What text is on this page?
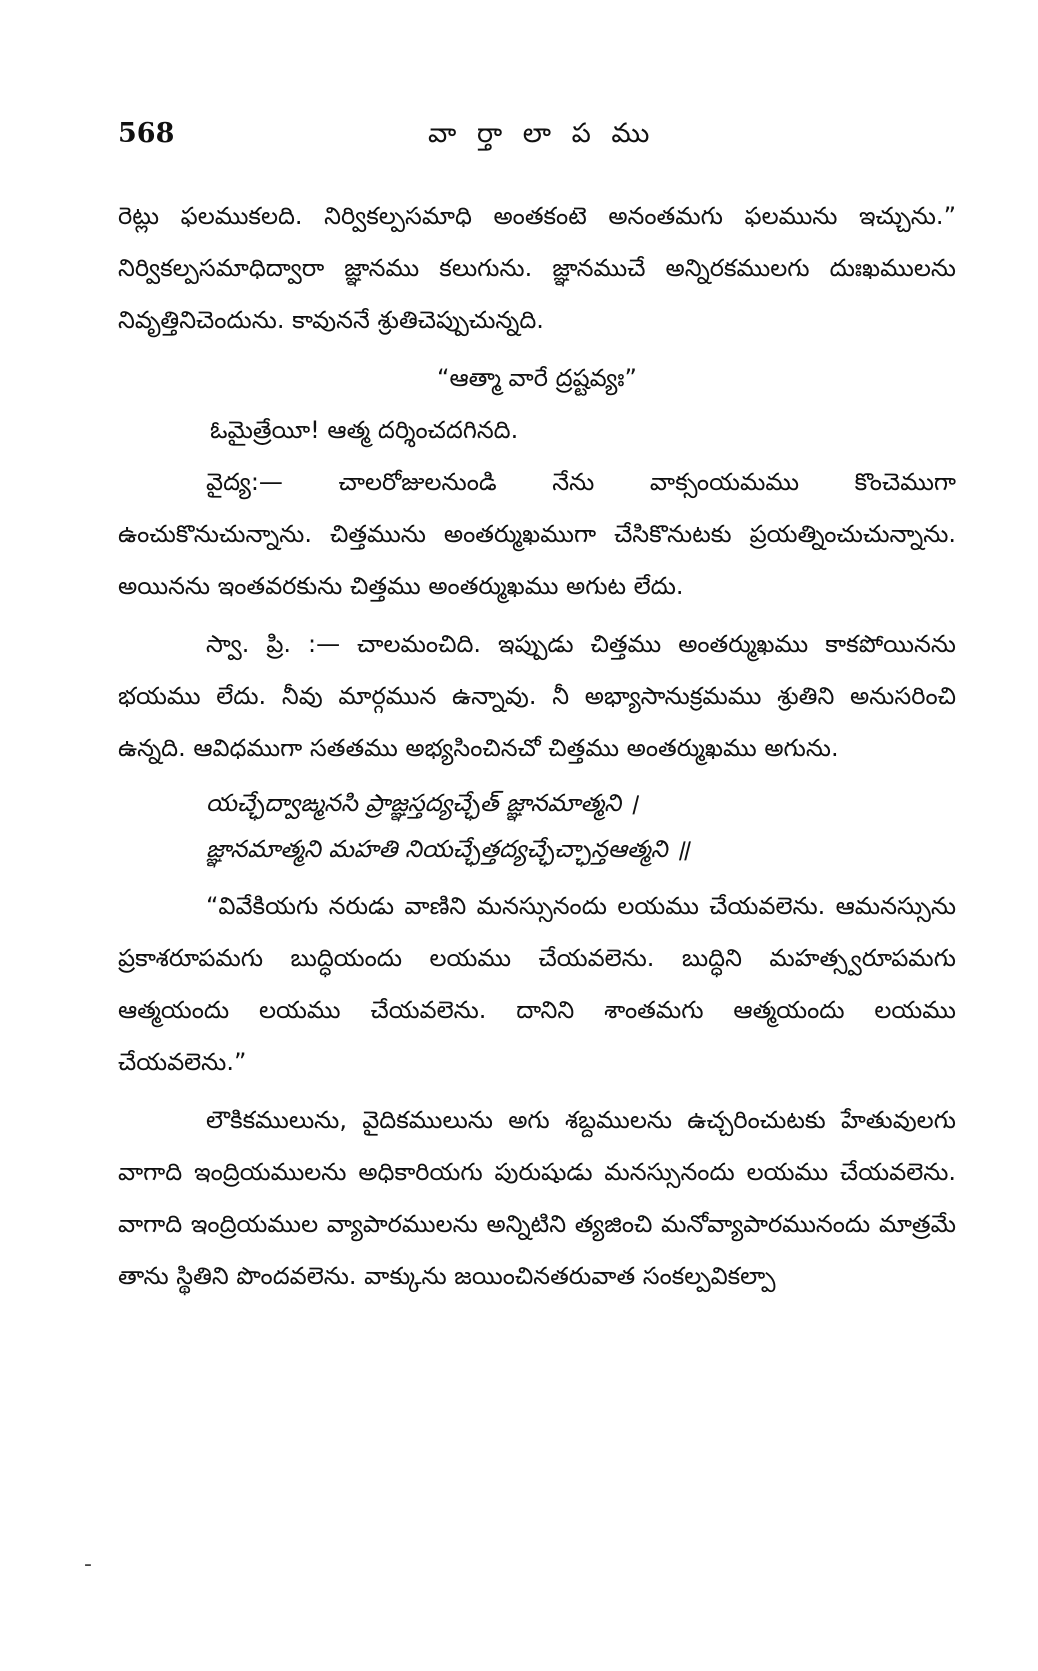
568	వా ర్తా లా ప ము

రెట్లు ఫలముకలది. నిర్వికల్పసమాధి అంతకంటె అనంతమగు ఫలమును ఇచ్చును.” నిర్వికల్పసమాధిద్వారా జ్ఞానము కలుగును. జ్ఞానముచే అన్నిరకములగు దుఃఖములను నివృత్తినిచెందును. కావుననే శ్రుతిచెప్పుచున్నది.

“ఆత్మా వారే ద్రష్టవ్యః”

ఓమైత్రేయీ! ఆత్మ దర్శించదగినది.

వైద్య:— చాలరోజులనుండి నేను వాక్సంయమము కొంచెముగా ఉంచుకొనుచున్నాను. చిత్తమును అంతర్ముఖముగా చేసికొనుటకు ప్రయత్నించుచున్నాను. అయినను ఇంతవరకును చిత్తము అంతర్ముఖము అగుట లేదు.

స్వా. ప్రి. :— చాలమంచిది. ఇప్పుడు చిత్తము అంతర్ముఖము కాకపోయినను భయము లేదు. నీవు మార్గమున ఉన్నావు. నీ అభ్యాసానుక్రమము శ్రుతిని అనుసరించి ఉన్నది. ఆవిధముగా సతతము అభ్యసించినచో చిత్తము అంతర్ముఖము అగును.

యచ్ఛేద్వాఙ్మనసి ప్రాజ్ఞస్తద్యచ్ఛేత్ జ్ఞానమాత్మని ।
జ్ఞానమాత్మని మహతి నియచ్ఛేత్తద్యచ్ఛేచ్ఛాన్తఆత్మని ॥

“వివేకియగు నరుడు వాణిని మనస్సునందు లయము చేయవలెను. ఆమనస్సును ప్రకాశరూపమగు బుద్ధియందు లయము చేయవలెను. బుద్ధిని మహత్స్వరూపమగు ఆత్మయందు లయము చేయవలెను. దానిని శాంతమగు ఆత్మయందు లయము చేయవలెను.”

లౌకికములును, వైదికములును అగు శబ్దములను ఉచ్చరించుటకు హేతువులగు వాగాది ఇంద్రియములను అధికారియగు పురుషుడు మనస్సునందు లయము చేయవలెను. వాగాది ఇంద్రియముల వ్యాపారములను అన్నిటిని త్యజించి మనోవ్యాపారమునందు మాత్రమే తాను స్థితిని పొందవలెను. వాక్కును జయించినతరువాత సంకల్పవికల్పా

-
